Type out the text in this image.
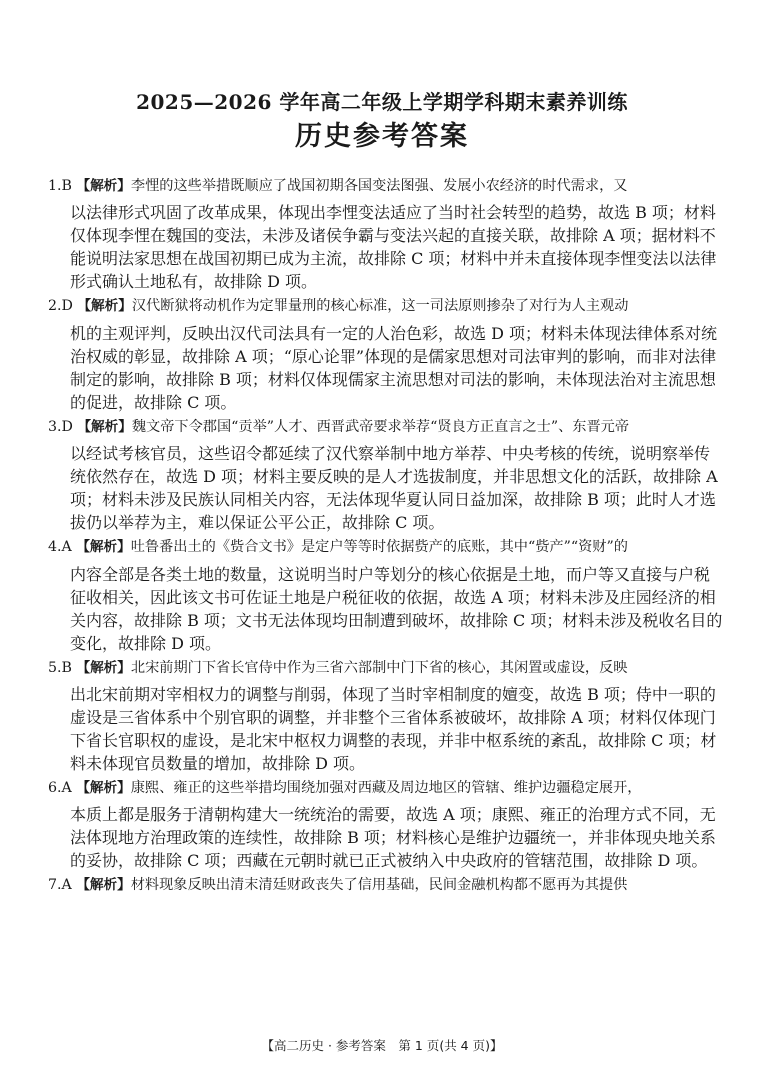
2025—2026 学年高二年级上学期学科期末素养训练
历史参考答案
1.B 【解析】李悝的这些举措既顺应了战国初期各国变法图强、发展小农经济的时代需求，又
以法律形式巩固了改革成果，体现出李悝变法适应了当时社会转型的趋势，故选 B 项；材料仅体现李悝在魏国的变法，未涉及诸侯争霸与变法兴起的直接关联，故排除 A 项；据材料不能说明法家思想在战国初期已成为主流，故排除 C 项；材料中并未直接体现李悝变法以法律形式确认土地私有，故排除 D 项。
2.D 【解析】汉代断狱将动机作为定罪量刑的核心标准，这一司法原则掺杂了对行为人主观动
机的主观评判，反映出汉代司法具有一定的人治色彩，故选 D 项；材料未体现法律体系对统治权威的彰显，故排除 A 项；“原心论罪”体现的是儒家思想对司法审判的影响，而非对法律制定的影响，故排除 B 项；材料仅体现儒家主流思想对司法的影响，未体现法治对主流思想的促进，故排除 C 项。
3.D 【解析】魏文帝下令郡国“贡举”人才、西晋武帝要求举荐“贤良方正直言之士”、东晋元帝
以经试考核官员，这些诏令都延续了汉代察举制中地方举荐、中央考核的传统，说明察举传统依然存在，故选 D 项；材料主要反映的是人才选拔制度，并非思想文化的活跃，故排除 A 项；材料未涉及民族认同相关内容，无法体现华夏认同日益加深，故排除 B 项；此时人才选拔仍以举荐为主，难以保证公平公正，故排除 C 项。
4.A 【解析】吐鲁番出土的《赀合文书》是定户等等时依据赀产的底账，其中“赀产”“资财”的
内容全部是各类土地的数量，这说明当时户等划分的核心依据是土地，而户等又直接与户税征收相关，因此该文书可佐证土地是户税征收的依据，故选 A 项；材料未涉及庄园经济的相关内容，故排除 B 项；文书无法体现均田制遭到破坏，故排除 C 项；材料未涉及税收名目的变化，故排除 D 项。
5.B 【解析】北宋前期门下省长官侍中作为三省六部制中门下省的核心，其闲置或虚设，反映
出北宋前期对宰相权力的调整与削弱，体现了当时宰相制度的嬗变，故选 B 项；侍中一职的虚设是三省体系中个别官职的调整，并非整个三省体系被破坏，故排除 A 项；材料仅体现门下省长官职权的虚设，是北宋中枢权力调整的表现，并非中枢系统的紊乱，故排除 C 项；材料未体现官员数量的增加，故排除 D 项。
6.A 【解析】康熙、雍正的这些举措均围绕加强对西藏及周边地区的管辖、维护边疆稳定展开，
本质上都是服务于清朝构建大一统统治的需要，故选 A 项；康熙、雍正的治理方式不同，无法体现地方治理政策的连续性，故排除 B 项；材料核心是维护边疆统一，并非体现央地关系的妥协，故排除 C 项；西藏在元朝时就已正式被纳入中央政府的管辖范围，故排除 D 项。
7.A 【解析】材料现象反映出清末清廷财政丧失了信用基础，民间金融机构都不愿再为其提供
【高二历史 · 参考答案　第 1 页(共 4 页)】
